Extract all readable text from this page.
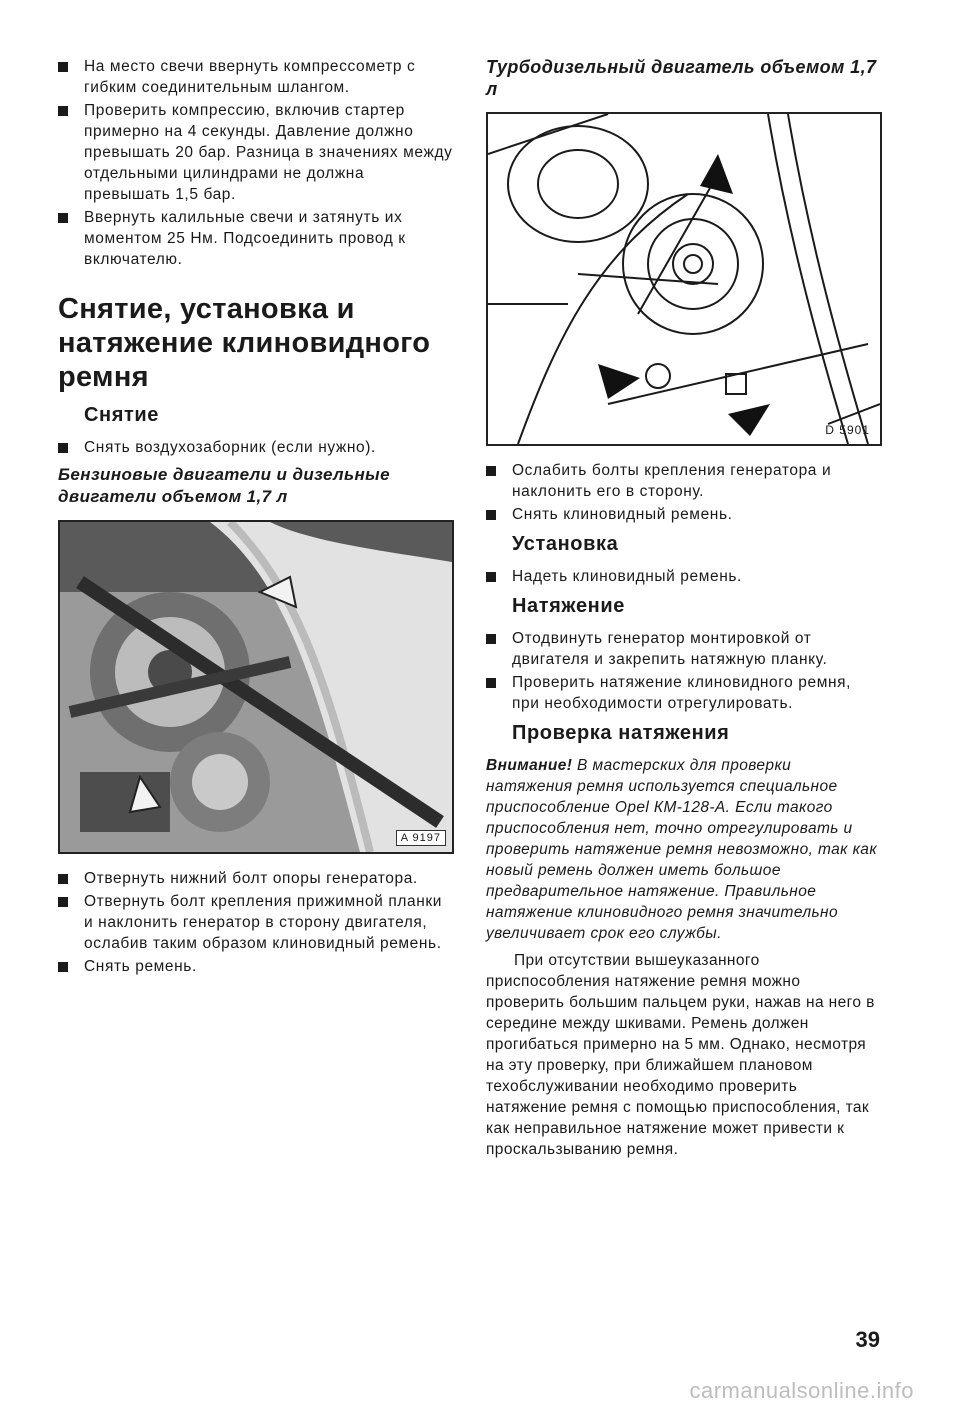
На место свечи ввернуть компрессометр с гибким соединительным шлангом.
Проверить компрессию, включив стартер примерно на 4 секунды. Давление должно превышать 20 бар. Разница в значениях между отдельными цилиндрами не должна превышать 1,5 бар.
Ввернуть калильные свечи и затянуть их моментом 25 Нм. Подсоединить провод к включателю.
Снятие, установка и натяжение клиновидного ремня
Снятие
Снять воздухозаборник (если нужно).
Бензиновые двигатели и дизельные двигатели объемом 1,7 л
A 9197
Отвернуть нижний болт опоры генератора.
Отвернуть болт крепления прижимной планки и наклонить генератор в сторону двигателя, ослабив таким образом клиновидный ремень.
Снять ремень.
Турбодизельный двигатель объемом 1,7 л
D 5901
Ослабить болты крепления генератора и наклонить его в сторону.
Снять клиновидный ремень.
Установка
Надеть клиновидный ремень.
Натяжение
Отодвинуть генератор монтировкой от двигателя и закрепить натяжную планку.
Проверить натяжение клиновидного ремня, при необходимости отрегулировать.
Проверка натяжения
Внимание! В мастерских для проверки натяжения ремня используется специальное приспособление Opel КМ-128-А. Если такого приспособления нет, точно отрегулировать и проверить натяжение ремня невозможно, так как новый ремень должен иметь большое предварительное натяжение. Правильное натяжение клиновидного ремня значительно увеличивает срок его службы.
При отсутствии вышеуказанного приспособления натяжение ремня можно проверить большим пальцем руки, нажав на него в середине между шкивами. Ремень должен прогибаться примерно на 5 мм. Однако, несмотря на эту проверку, при ближайшем плановом техобслуживании необходимо проверить натяжение ремня с помощью приспособления, так как неправильное натяжение может привести к проскальзыванию ремня.
39
carmanualsonline.info
